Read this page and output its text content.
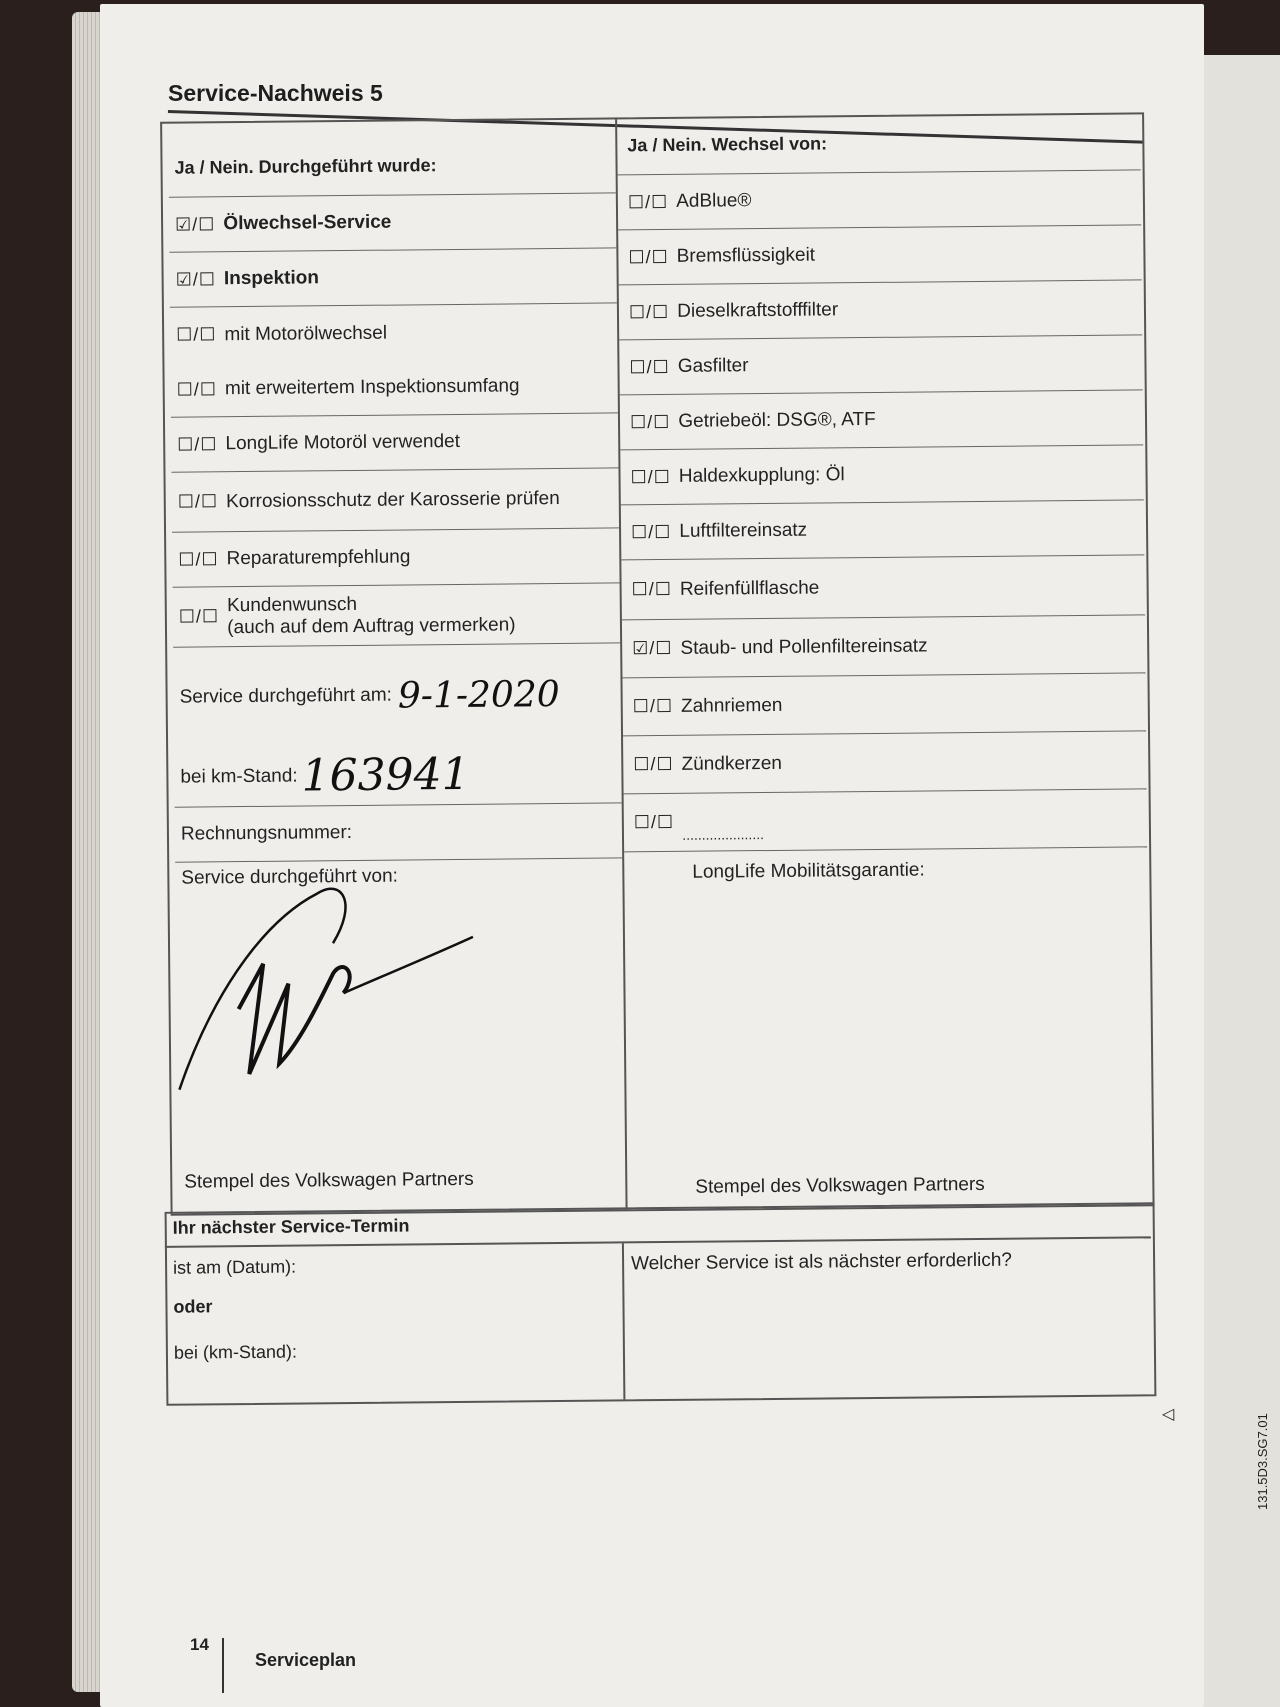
Service-Nachweis 5
Ja / Nein. Durchgeführt wurde:
☑/☐ Ölwechsel-Service
☑/☐ Inspektion
☐/☐ mit Motorölwechsel
☐/☐ mit erweitertem Inspektionsumfang
☐/☐ LongLife Motoröl verwendet
☐/☐ Korrosionsschutz der Karosserie prüfen
☐/☐ Reparaturempfehlung
☐/☐
Kundenwunsch
(auch auf dem Auftrag vermerken)
Service durchgeführt am: 9-1-2020
bei km-Stand: 163941
Rechnungsnummer:
Service durchgeführt von:
Stempel des Volkswagen Partners
Ja / Nein. Wechsel von:
☐/☐ AdBlue®
☐/☐ Bremsflüssigkeit
☐/☐ Dieselkraftstofffilter
☐/☐ Gasfilter
☐/☐ Getriebeöl: DSG®, ATF
☐/☐ Haldexkupplung: Öl
☐/☐ Luftfiltereinsatz
☐/☐ Reifenfüllflasche
☑/☐ Staub- und Pollenfiltereinsatz
☐/☐ Zahnriemen
☐/☐ Zündkerzen
☐/☐
.....................
LongLife Mobilitätsgarantie:
Stempel des Volkswagen Partners
Ihr nächster Service-Termin
ist am (Datum):
oder
bei (km-Stand):
Welcher Service ist als nächster erforderlich?
◁
14
Serviceplan
131.5D3.SG7.01
